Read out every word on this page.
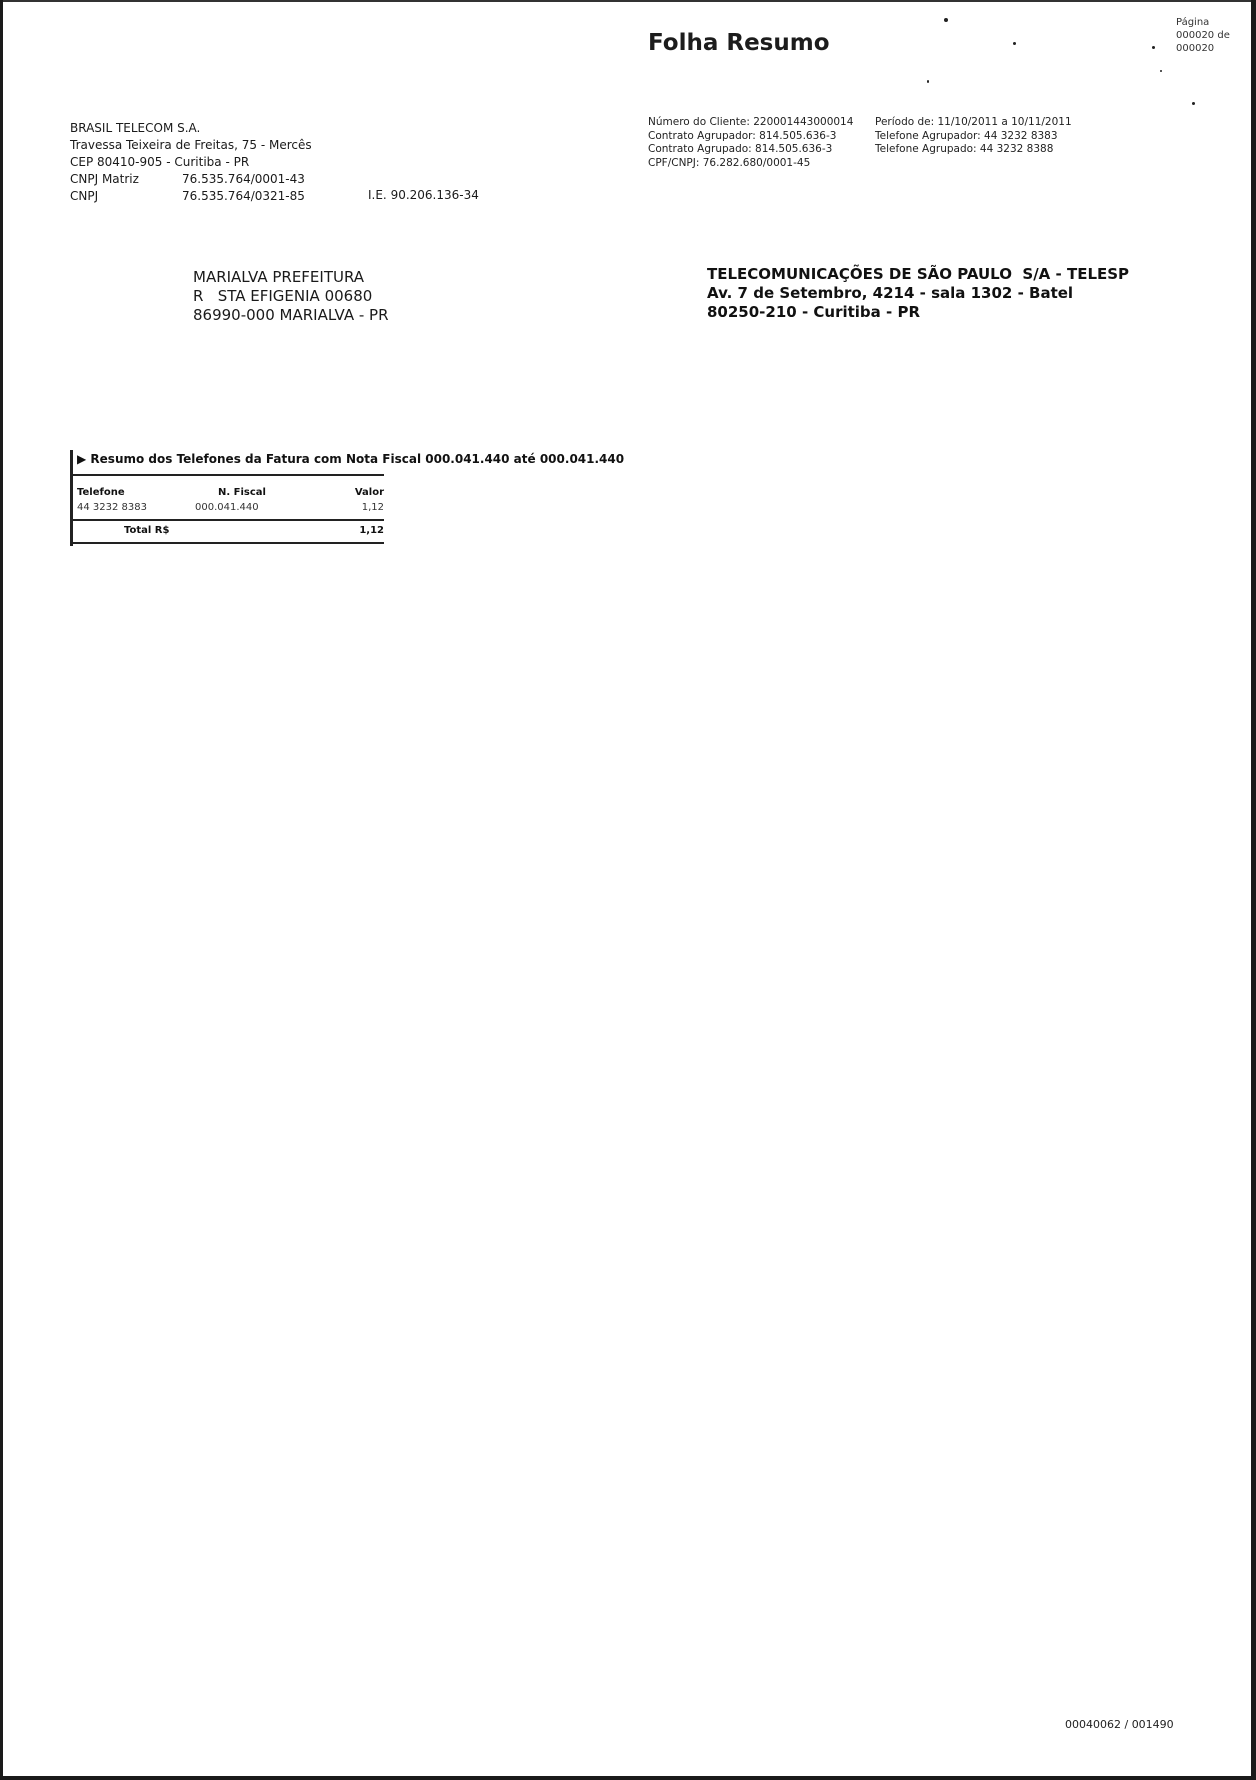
Folha Resumo
Página
000020 de
000020
BRASIL TELECOM S.A.
Travessa Teixeira de Freitas, 75 - Mercês
CEP 80410-905 - Curitiba - PR
CNPJ Matriz	76.535.764/0001-43
CNPJ	76.535.764/0321-85	I.E. 90.206.136-34
Número do Cliente: 220001443000014
Contrato Agrupador: 814.505.636-3
Contrato Agrupado: 814.505.636-3
CPF/CNPJ: 76.282.680/0001-45
Período de: 11/10/2011 a 10/11/2011
Telefone Agrupador: 44 3232 8383
Telefone Agrupado: 44 3232 8388
MARIALVA PREFEITURA
R   STA EFIGENIA 00680
86990-000 MARIALVA - PR
TELECOMUNICAÇÕES DE SÃO PAULO  S/A - TELESP
Av. 7 de Setembro, 4214 - sala 1302 - Batel
80250-210 - Curitiba - PR
▶ Resumo dos Telefones da Fatura com Nota Fiscal 000.041.440 até 000.041.440
Telefone	N. Fiscal	Valor
44 3232 8383	000.041.440	1,12
Total R$	1,12
00040062 / 001490
